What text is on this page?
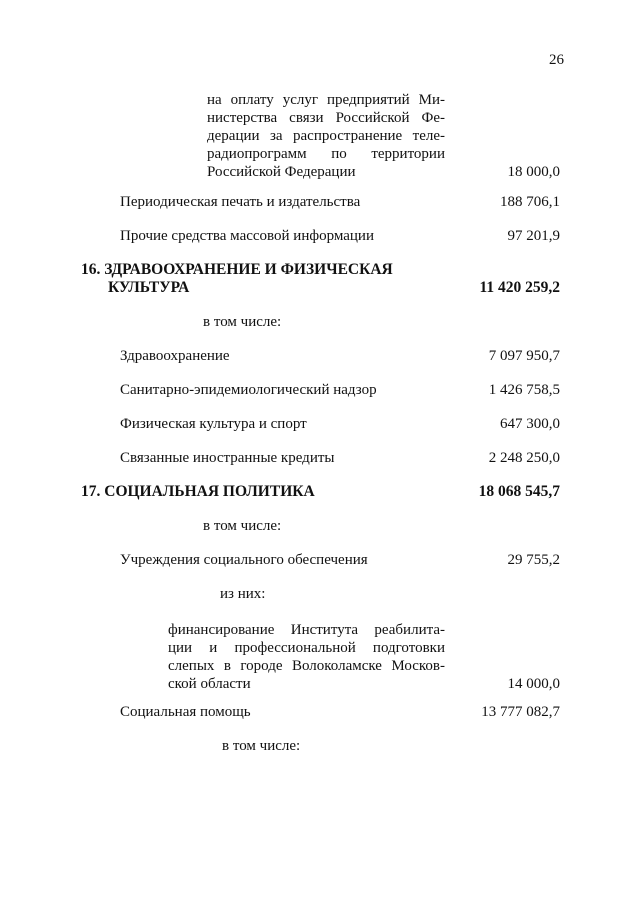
26
на оплату услуг предприятий Ми-
нистерства связи Российской Фе-
дерации за распространение теле-
радиопрограмм по территории
Российской Федерации	18 000,0
Периодическая печать и издательства	188 706,1
Прочие средства массовой информации	97 201,9
16. ЗДРАВООХРАНЕНИЕ И ФИЗИЧЕСКАЯ
КУЛЬТУРА	11 420 259,2
в том числе:
Здравоохранение	7 097 950,7
Санитарно-эпидемиологический надзор	1 426 758,5
Физическая культура и спорт	647 300,0
Связанные иностранные кредиты	2 248 250,0
17. СОЦИАЛЬНАЯ ПОЛИТИКА	18 068 545,7
в том числе:
Учреждения социального обеспечения	29 755,2
из них:
финансирование Института реабилита-
ции и профессиональной подготовки
слепых в городе Волоколамске Москов-
ской области	14 000,0
Социальная помощь	13 777 082,7
в том числе:
